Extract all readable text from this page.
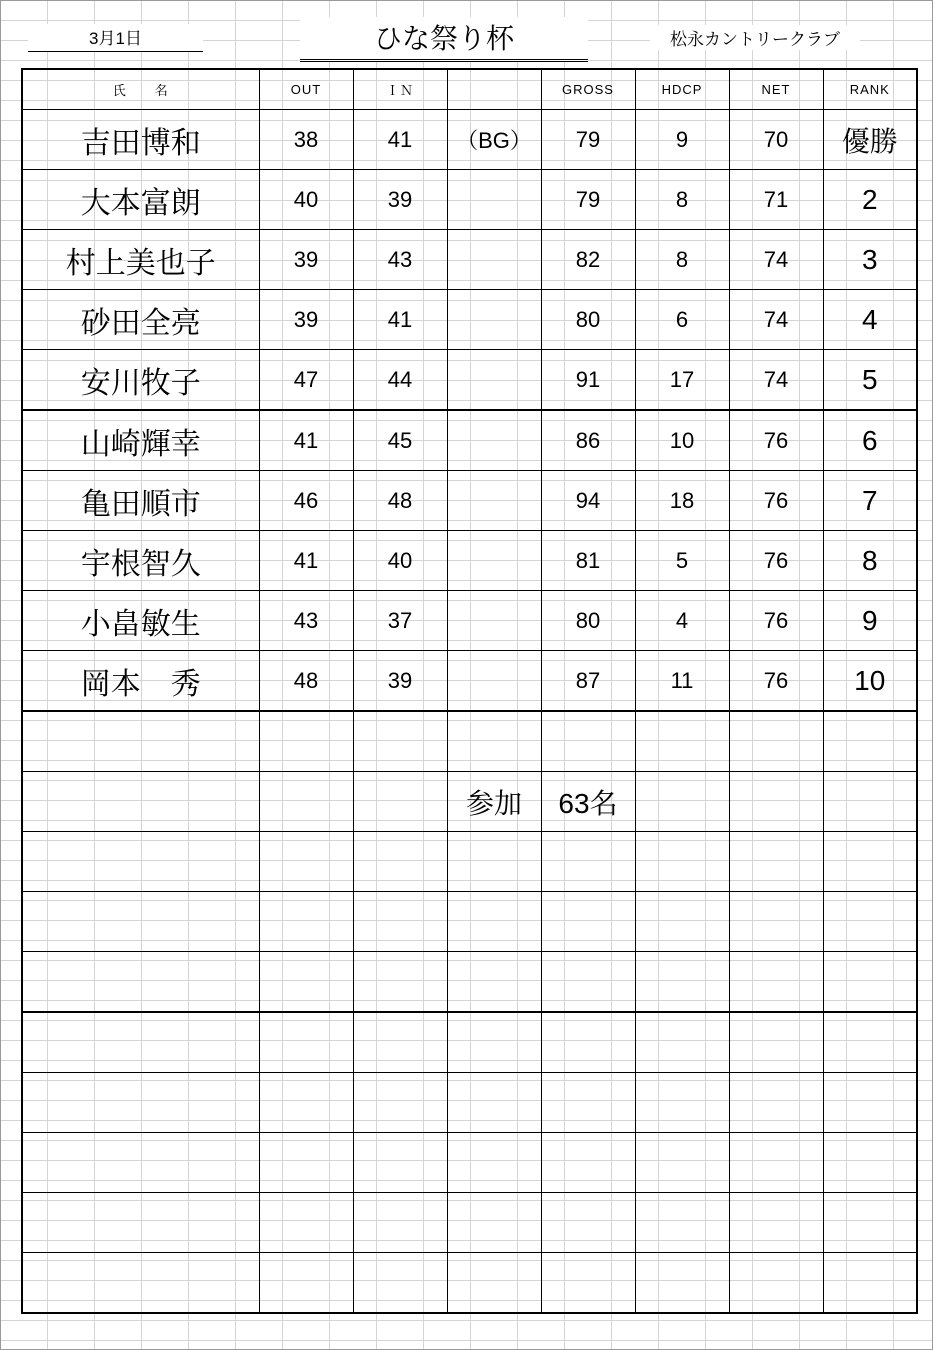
3月1日	ひな祭り杯	松永カントリークラブ
氏　　名	OUT	ＩＮ		GROSS	HDCP	NET	RANK
吉田博和	38	41	（BG）	79	9	70	優勝
大本富朗	40	39		79	8	71	2
村上美也子	39	43		82	8	74	3
砂田全亮	39	41		80	6	74	4
安川牧子	47	44		91	17	74	5
山崎輝幸	41	45		86	10	76	6
亀田順市	46	48		94	18	76	7
宇根智久	41	40		81	5	76	8
小畠敏生	43	37		80	4	76	9
岡本　秀	48	39		87	11	76	10

			参加	63名			
